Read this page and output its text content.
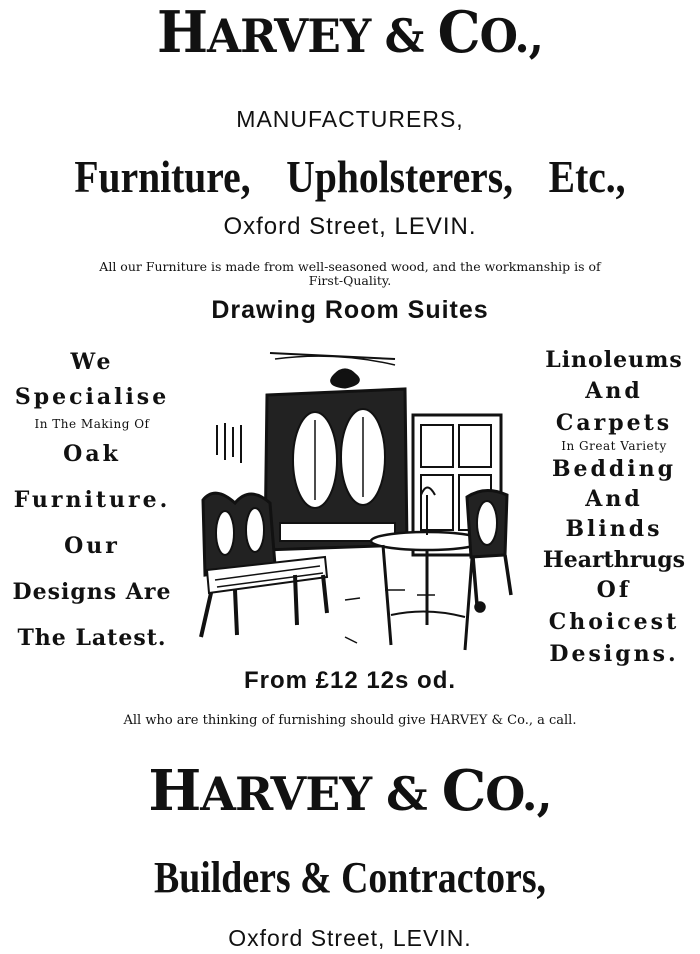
HARVEY & CO.,
MANUFACTURERS,
Furniture, Upholsterers, Etc.,
Oxford Street, LEVIN.
All our Furniture is made from well-seasoned wood, and the workmanship is of
First-Quality.
Drawing Room Suites
We
Specialise
In The Making Of
Oak
Furniture.
Our
Designs Are
The Latest.
Linoleums
And
Carpets
In Great Variety
Bedding
And
Blinds
Hearthrugs
Of
Choicest
Designs.
From £12 12s od.
All who are thinking of furnishing should give HARVEY & Co., a call.
HARVEY & CO.,
Builders & Contractors,
Oxford Street, LEVIN.
